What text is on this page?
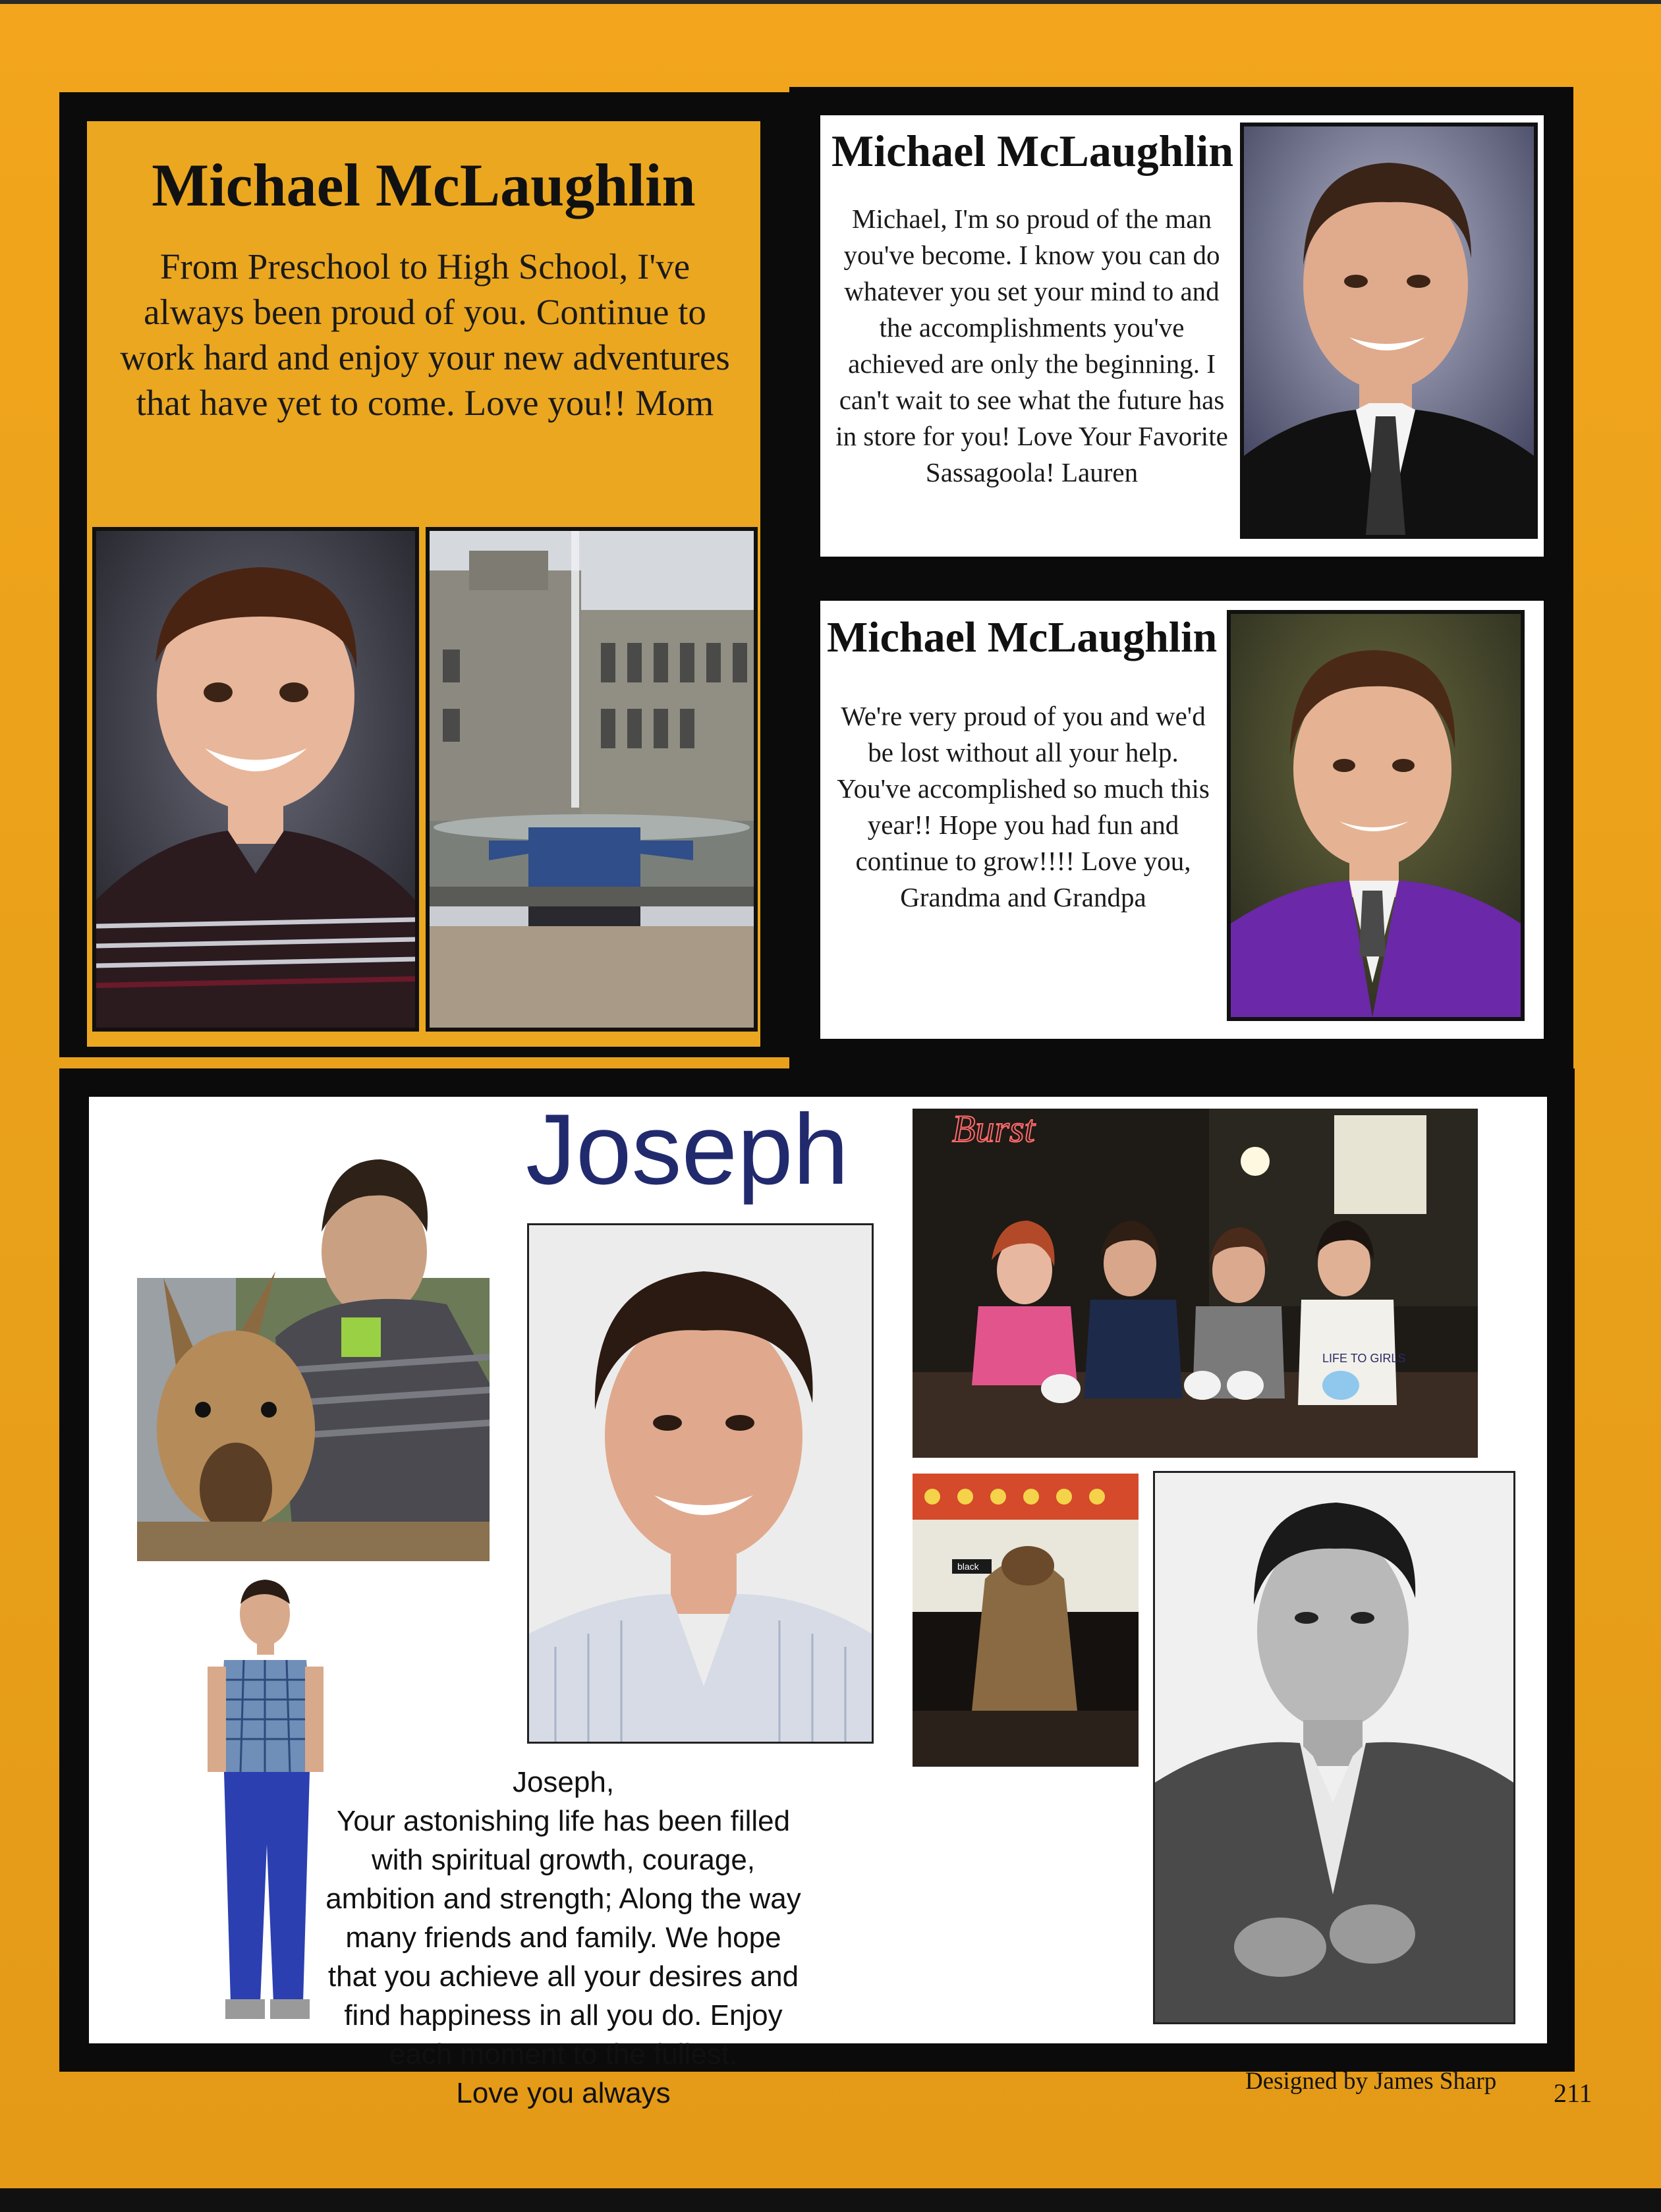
Michael McLaughlin
From Preschool to High School, I've always been proud of you. Continue to work hard and enjoy your new adventures that have yet to come. Love you!! Mom
Michael McLaughlin
Michael, I'm so proud of the man you've become. I know you can do whatever you set your mind to and the accomplishments you've achieved are only the beginning. I can't wait to see what the future has in store for you! Love Your Favorite Sassagoola! Lauren
Michael McLaughlin
We're very proud of you and we'd be lost without all your help. You've accomplished so much this year!! Hope you had fun and continue to grow!!!! Love you, Grandma and Grandpa
Joseph	Burst
LIFE TO GIRLS
black
Joseph,
Your astonishing life has been filled with spiritual growth, courage, ambition and strength; Along the way many friends and family. We hope that you achieve all your desires and find happiness in all you do. Enjoy each moment to the fullest.
Love you always	Designed by James Sharp 211
